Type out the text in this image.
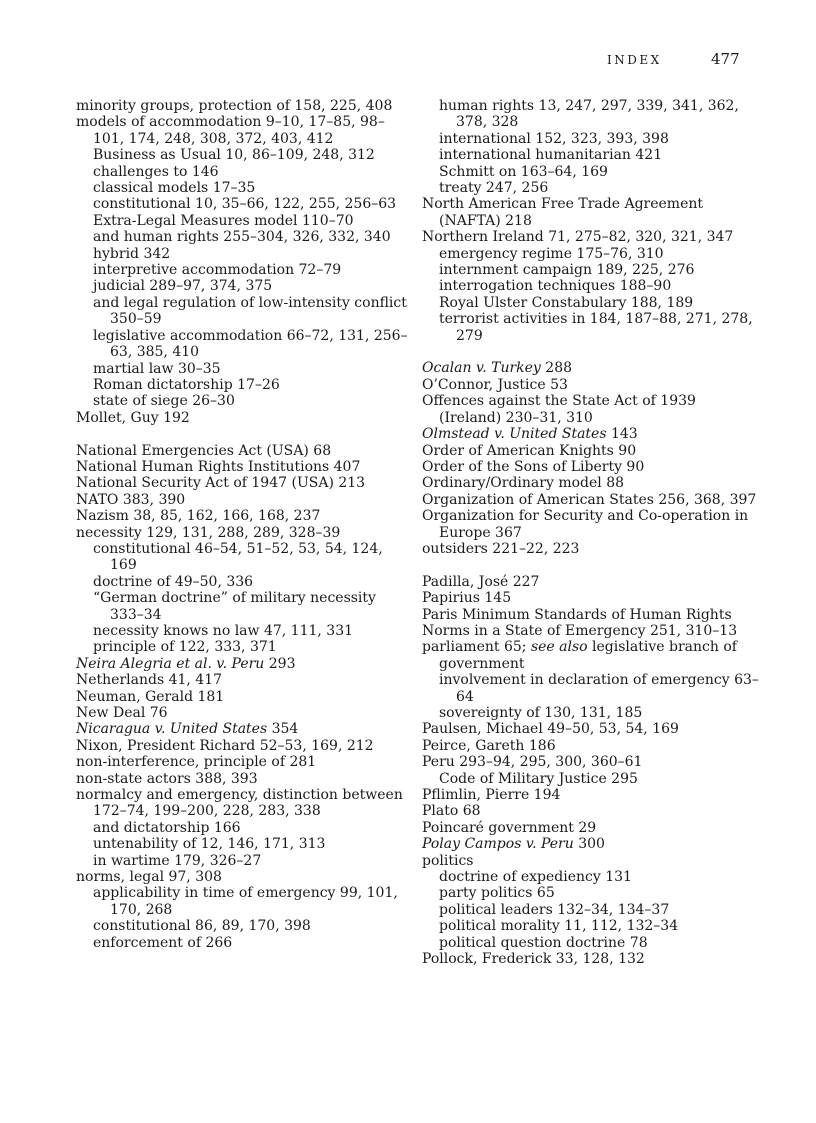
INDEX	477
minority groups, protection of 158, 225, 408
models of accommodation 9–10, 17–85, 98–101, 174, 248, 308, 372, 403, 412
Business as Usual 10, 86–109, 248, 312
challenges to 146
classical models 17–35
constitutional 10, 35–66, 122, 255, 256–63
Extra-Legal Measures model 110–70
and human rights 255–304, 326, 332, 340
hybrid 342
interpretive accommodation 72–79
judicial 289–97, 374, 375
and legal regulation of low-intensity conflict 350–59
legislative accommodation 66–72, 131, 256–63, 385, 410
martial law 30–35
Roman dictatorship 17–26
state of siege 26–30
Mollet, Guy 192
National Emergencies Act (USA) 68
National Human Rights Institutions 407
National Security Act of 1947 (USA) 213
NATO 383, 390
Nazism 38, 85, 162, 166, 168, 237
necessity 129, 131, 288, 289, 328–39
constitutional 46–54, 51–52, 53, 54, 124, 169
doctrine of 49–50, 336
“German doctrine” of military necessity 333–34
necessity knows no law 47, 111, 331
principle of 122, 333, 371
Neira Alegria et al. v. Peru 293
Netherlands 41, 417
Neuman, Gerald 181
New Deal 76
Nicaragua v. United States 354
Nixon, President Richard 52–53, 169, 212
non-interference, principle of 281
non-state actors 388, 393
normalcy and emergency, distinction between 172–74, 199–200, 228, 283, 338
and dictatorship 166
untenability of 12, 146, 171, 313
in wartime 179, 326–27
norms, legal 97, 308
applicability in time of emergency 99, 101, 170, 268
constitutional 86, 89, 170, 398
enforcement of 266
human rights 13, 247, 297, 339, 341, 362, 378, 328
international 152, 323, 393, 398
international humanitarian 421
Schmitt on 163–64, 169
treaty 247, 256
North American Free Trade Agreement (NAFTA) 218
Northern Ireland 71, 275–82, 320, 321, 347
emergency regime 175–76, 310
internment campaign 189, 225, 276
interrogation techniques 188–90
Royal Ulster Constabulary 188, 189
terrorist activities in 184, 187–88, 271, 278, 279
Ocalan v. Turkey 288
O’Connor, Justice 53
Offences against the State Act of 1939 (Ireland) 230–31, 310
Olmstead v. United States 143
Order of American Knights 90
Order of the Sons of Liberty 90
Ordinary/Ordinary model 88
Organization of American States 256, 368, 397
Organization for Security and Co-operation in Europe 367
outsiders 221–22, 223
Padilla, José 227
Papirius 145
Paris Minimum Standards of Human Rights
Norms in a State of Emergency 251, 310–13
parliament 65; see also legislative branch of government
involvement in declaration of emergency 63–64
sovereignty of 130, 131, 185
Paulsen, Michael 49–50, 53, 54, 169
Peirce, Gareth 186
Peru 293–94, 295, 300, 360–61
Code of Military Justice 295
Pflimlin, Pierre 194
Plato 68
Poincaré government 29
Polay Campos v. Peru 300
politics
doctrine of expediency 131
party politics 65
political leaders 132–34, 134–37
political morality 11, 112, 132–34
political question doctrine 78
Pollock, Frederick 33, 128, 132
